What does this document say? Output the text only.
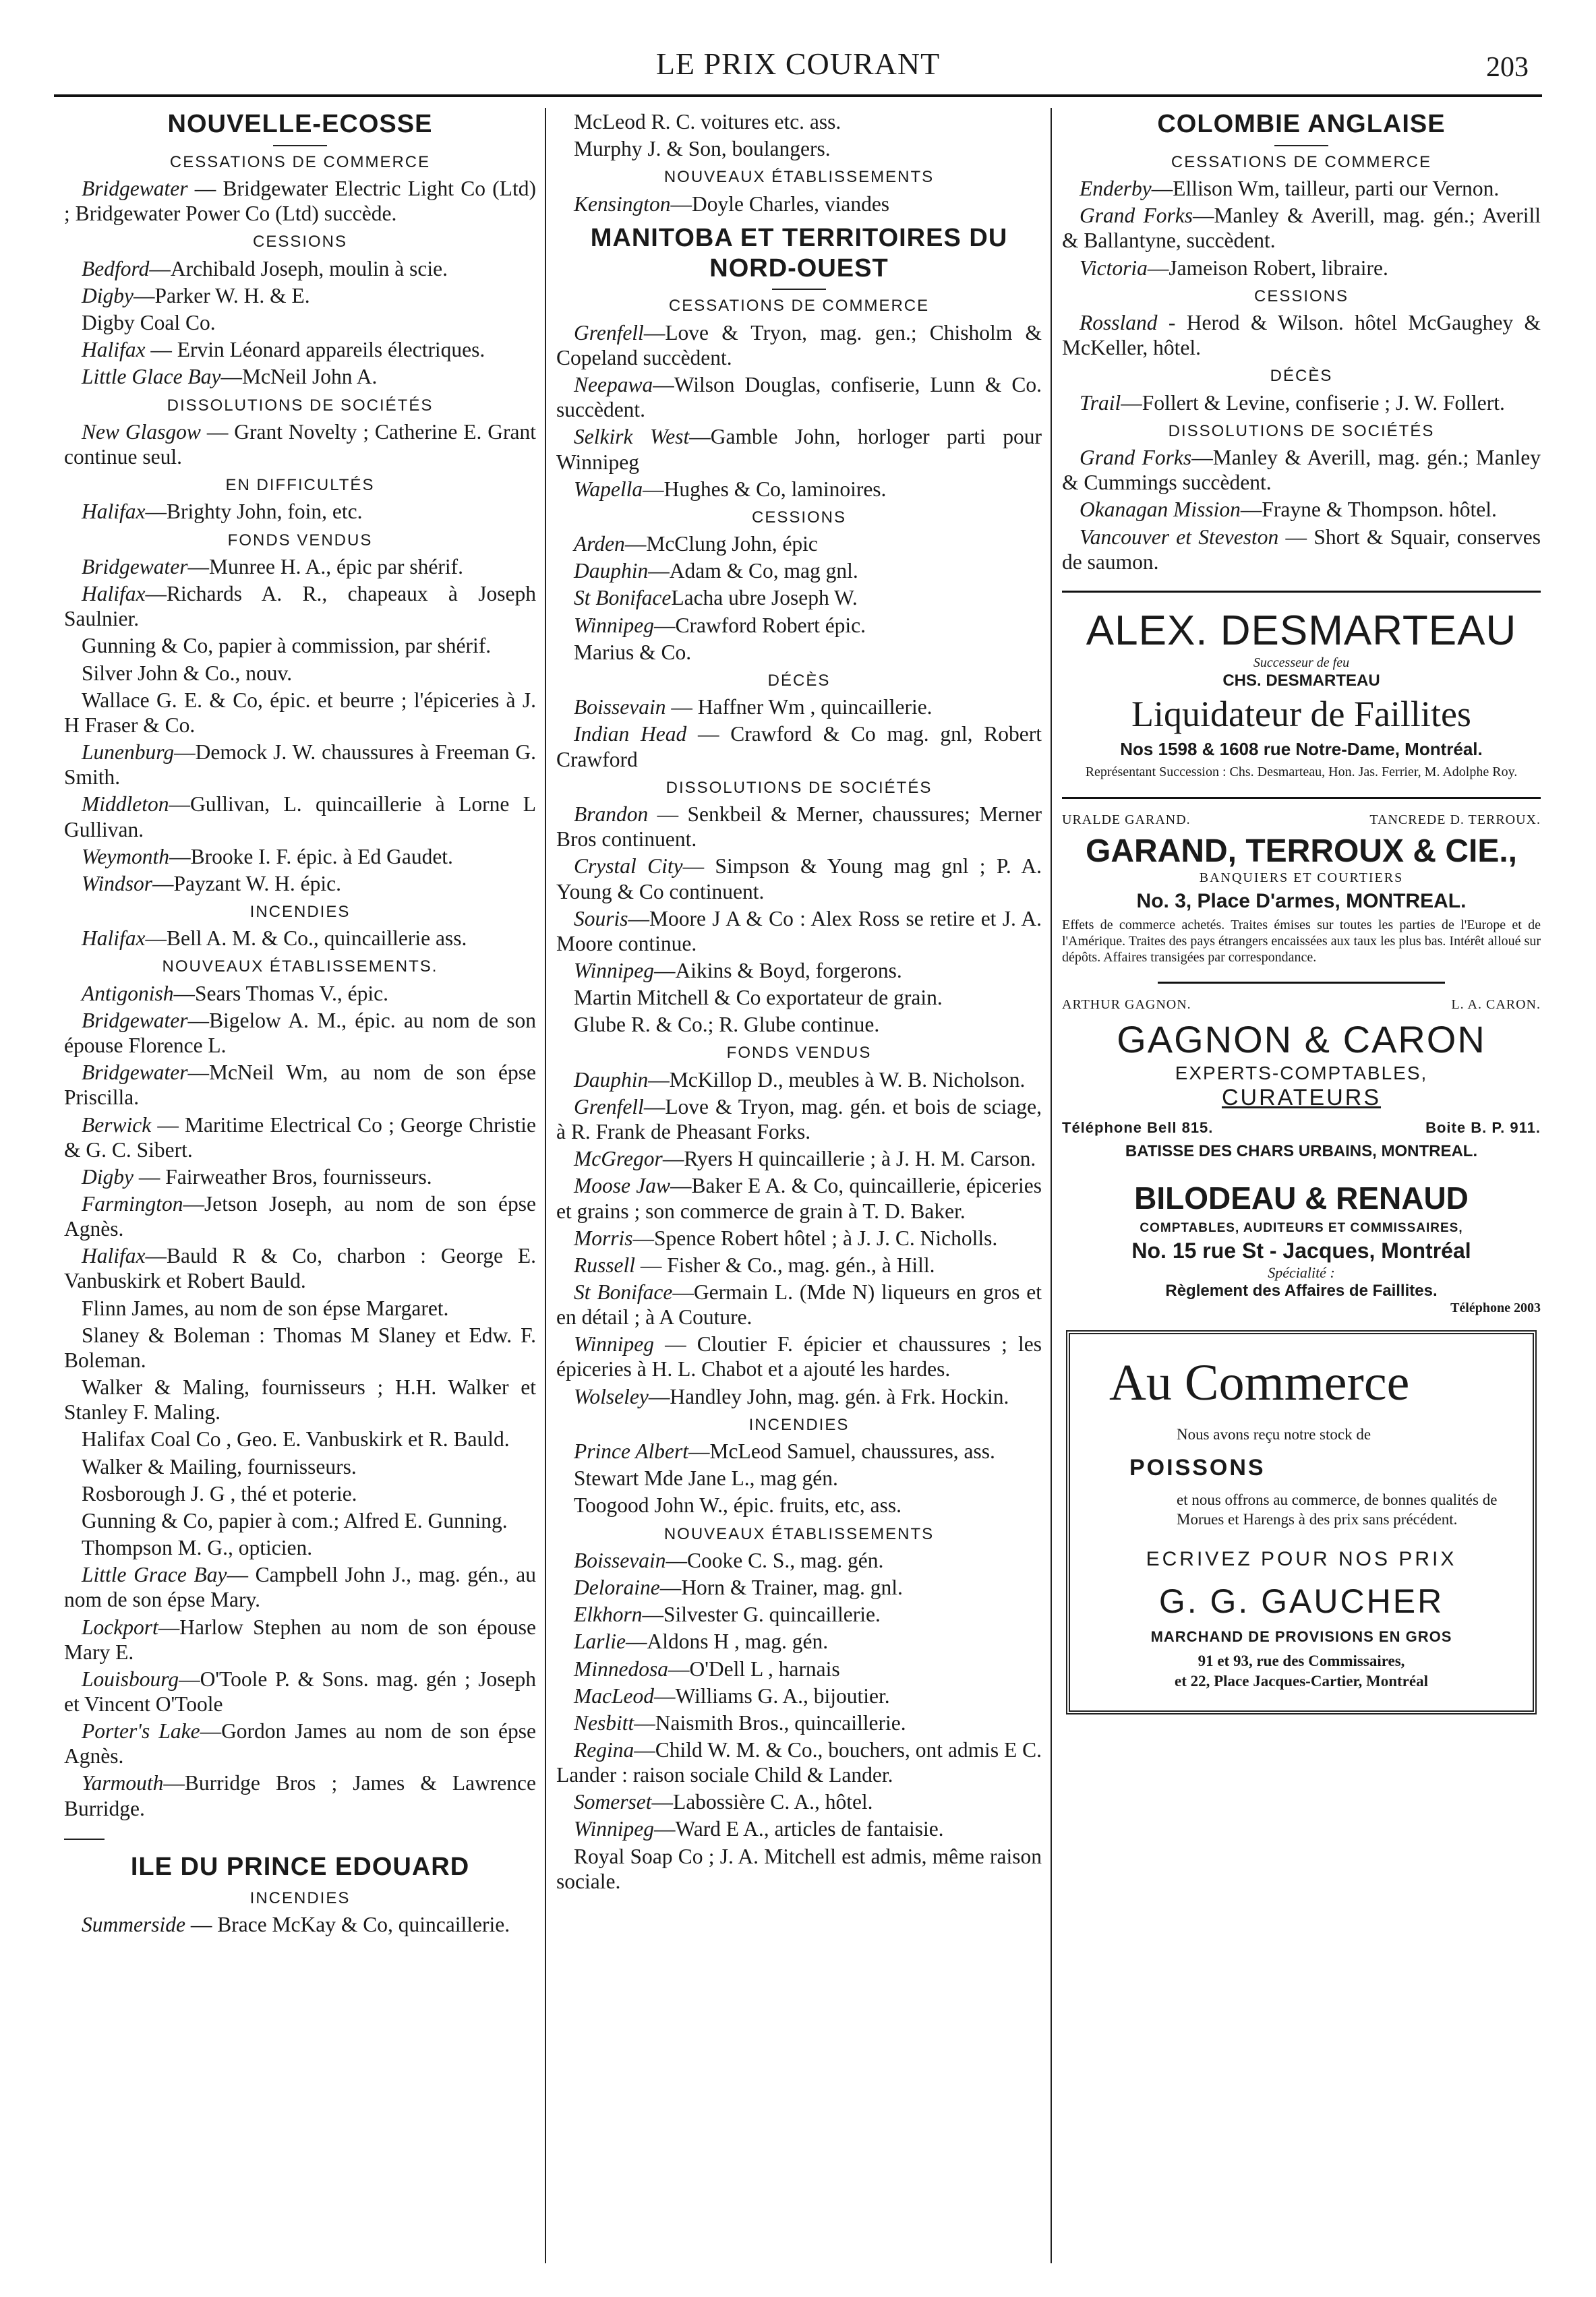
LE PRIX COURANT	203
NOUVELLE-ECOSSE
CESSATIONS DE COMMERCE

Bridgewater — Bridgewater Electric Light Co (Ltd) ; Bridgewater Power Co (Ltd) succède.

CESSIONS

Bedford—Archibald Joseph, moulin à scie.

Digby—Parker W. H. & E.

Digby Coal Co.

Halifax — Ervin Léonard appareils électriques.

Little Glace Bay—McNeil John A.

DISSOLUTIONS DE SOCIÉTÉS

New Glasgow — Grant Novelty ; Catherine E. Grant continue seul.

EN DIFFICULTÉS

Halifax—Brighty John, foin, etc.

FONDS VENDUS

Bridgewater—Munree H. A., épic par shérif.

Halifax—Richards A. R., chapeaux à Joseph Saulnier.

Gunning & Co, papier à commission, par shérif.

Silver John & Co., nouv.

Wallace G. E. & Co, épic. et beurre ; l'épiceries à J. H Fraser & Co.

Lunenburg—Demock J. W. chaussures à Freeman G. Smith.

Middleton—Gullivan, L. quincaillerie à Lorne L Gullivan.

Weymonth—Brooke I. F. épic. à Ed Gaudet.

Windsor—Payzant W. H. épic.

INCENDIES

Halifax—Bell A. M. & Co., quincaillerie ass.

NOUVEAUX ÉTABLISSEMENTS.

Antigonish—Sears Thomas V., épic.

Bridgewater—Bigelow A. M., épic. au nom de son épouse Florence L.

Bridgewater—McNeil Wm, au nom de son épse Priscilla.

Berwick — Maritime Electrical Co ; George Christie & G. C. Sibert.

Digby — Fairweather Bros, fournisseurs.

Farmington—Jetson Joseph, au nom de son épse Agnès.

Halifax—Bauld R & Co, charbon : George E. Vanbuskirk et Robert Bauld.

Flinn James, au nom de son épse Margaret.

Slaney & Boleman : Thomas M Slaney et Edw. F. Boleman.

Walker & Maling, fournisseurs ; H.H. Walker et Stanley F. Maling.

Halifax Coal Co , Geo. E. Vanbuskirk et R. Bauld.

Walker & Mailing, fournisseurs.

Rosborough J. G , thé et poterie.

Gunning & Co, papier à com.; Alfred E. Gunning.

Thompson M. G., opticien.

Little Grace Bay— Campbell John J., mag. gén., au nom de son épse Mary.

Lockport—Harlow Stephen au nom de son épouse Mary E.

Louisbourg—O'Toole P. & Sons. mag. gén ; Joseph et Vincent O'Toole

Porter's Lake—Gordon James au nom de son épse Agnès.

Yarmouth—Burridge Bros ; James & Lawrence Burridge.

ILE DU PRINCE EDOUARD
INCENDIES

Summerside — Brace McKay & Co, quincaillerie.

McLeod R. C. voitures etc. ass.

Murphy J. & Son, boulangers.

NOUVEAUX ÉTABLISSEMENTS

Kensington—Doyle Charles, viandes

MANITOBA ET TERRITOIRES DU NORD-OUEST
CESSATIONS DE COMMERCE

Grenfell—Love & Tryon, mag. gen.; Chisholm & Copeland succèdent.

Neepawa—Wilson Douglas, confiserie, Lunn & Co. succèdent.

Selkirk West—Gamble John, horloger parti pour Winnipeg

Wapella—Hughes & Co, laminoires.

CESSIONS

Arden—McClung John, épic

Dauphin—Adam & Co, mag gnl.

St BonifaceLacha ubre Joseph W.

Winnipeg—Crawford Robert épic.

Marius & Co.

DÉCÈS

Boissevain — Haffner Wm , quincaillerie.

Indian Head — Crawford & Co mag. gnl, Robert Crawford

DISSOLUTIONS DE SOCIÉTÉS

Brandon — Senkbeil & Merner, chaussures; Merner Bros continuent.

Crystal City— Simpson & Young mag gnl ; P. A. Young & Co continuent.

Souris—Moore J A & Co : Alex Ross se retire et J. A. Moore continue.

Winnipeg—Aikins & Boyd, forgerons.

Martin Mitchell & Co exportateur de grain.

Glube R. & Co.; R. Glube continue.

FONDS VENDUS

Dauphin—McKillop D., meubles à W. B. Nicholson.

Grenfell—Love & Tryon, mag. gén. et bois de sciage, à R. Frank de Pheasant Forks.

McGregor—Ryers H quincaillerie ; à J. H. M. Carson.

Moose Jaw—Baker E A. & Co, quincaillerie, épiceries et grains ; son commerce de grain à T. D. Baker.

Morris—Spence Robert hôtel ; à J. J. C. Nicholls.

Russell — Fisher & Co., mag. gén., à Hill.

St Boniface—Germain L. (Mde N) liqueurs en gros et en détail ; à A Couture.

Winnipeg — Cloutier F. épicier et chaussures ; les épiceries à H. L. Chabot et a ajouté les hardes.

Wolseley—Handley John, mag. gén. à Frk. Hockin.

INCENDIES

Prince Albert—McLeod Samuel, chaussures, ass.

Stewart Mde Jane L., mag gén.

Toogood John W., épic. fruits, etc, ass.

NOUVEAUX ÉTABLISSEMENTS

Boissevain—Cooke C. S., mag. gén.

Deloraine—Horn & Trainer, mag. gnl.

Elkhorn—Silvester G. quincaillerie.

Larlie—Aldons H , mag. gén.

Minnedosa—O'Dell L , harnais

MacLeod—Williams G. A., bijoutier.

Nesbitt—Naismith Bros., quincaillerie.

Regina—Child W. M. & Co., bouchers, ont admis E C. Lander : raison sociale Child & Lander.

Somerset—Labossière C. A., hôtel.

Winnipeg—Ward E A., articles de fantaisie.

Royal Soap Co ; J. A. Mitchell est admis, même raison sociale.

COLOMBIE ANGLAISE
CESSATIONS DE COMMERCE

Enderby—Ellison Wm, tailleur, parti our Vernon.

Grand Forks—Manley & Averill, mag. gén.; Averill & Ballantyne, succèdent.

Victoria—Jameison Robert, libraire.

CESSIONS

Rossland - Herod & Wilson. hôtel McGaughey & McKeller, hôtel.

DÉCÈS

Trail—Follert & Levine, confiserie ; J. W. Follert.

DISSOLUTIONS DE SOCIÉTÉS

Grand Forks—Manley & Averill, mag. gén.; Manley & Cummings succèdent.

Okanagan Mission—Frayne & Thompson. hôtel.

Vancouver et Steveston — Short & Squair, conserves de saumon.

ALEX. DESMARTEAU
Successeur de feu
CHS. DESMARTEAU
Liquidateur de Faillites
Nos 1598 & 1608 rue Notre-Dame, Montréal.
Représentant Succession : Chs. Desmarteau, Hon. Jas. Ferrier, M. Adolphe Roy.
URALDE GARAND.	TANCREDE D. TERROUX.
GARAND, TERROUX & CIE.,
BANQUIERS ET COURTIERS
No. 3, Place D'armes, MONTREAL.
Effets de commerce achetés. Traites émises sur toutes les parties de l'Europe et de l'Amérique. Traites des pays étrangers encaissées aux taux les plus bas. Intérêt alloué sur dépôts. Affaires transigées par correspondance.
ARTHUR GAGNON.	L. A. CARON.
GAGNON & CARON
EXPERTS-COMPTABLES,
CURATEURS
Téléphone Bell 815.	Boite B. P. 911.
BATISSE DES CHARS URBAINS, MONTREAL.
BILODEAU & RENAUD
COMPTABLES, AUDITEURS ET COMMISSAIRES,
No. 15 rue St - Jacques, Montréal
Spécialité :
Règlement des Affaires de Faillites.
Téléphone 2003
Au Commerce
Nous avons reçu notre stock de
POISSONS
et nous offrons au commerce, de bonnes qualités de Morues et Harengs à des prix sans précédent.
ECRIVEZ POUR NOS PRIX
G. G. GAUCHER
MARCHAND DE PROVISIONS EN GROS
91 et 93, rue des Commissaires,
et 22, Place Jacques-Cartier, Montréal
